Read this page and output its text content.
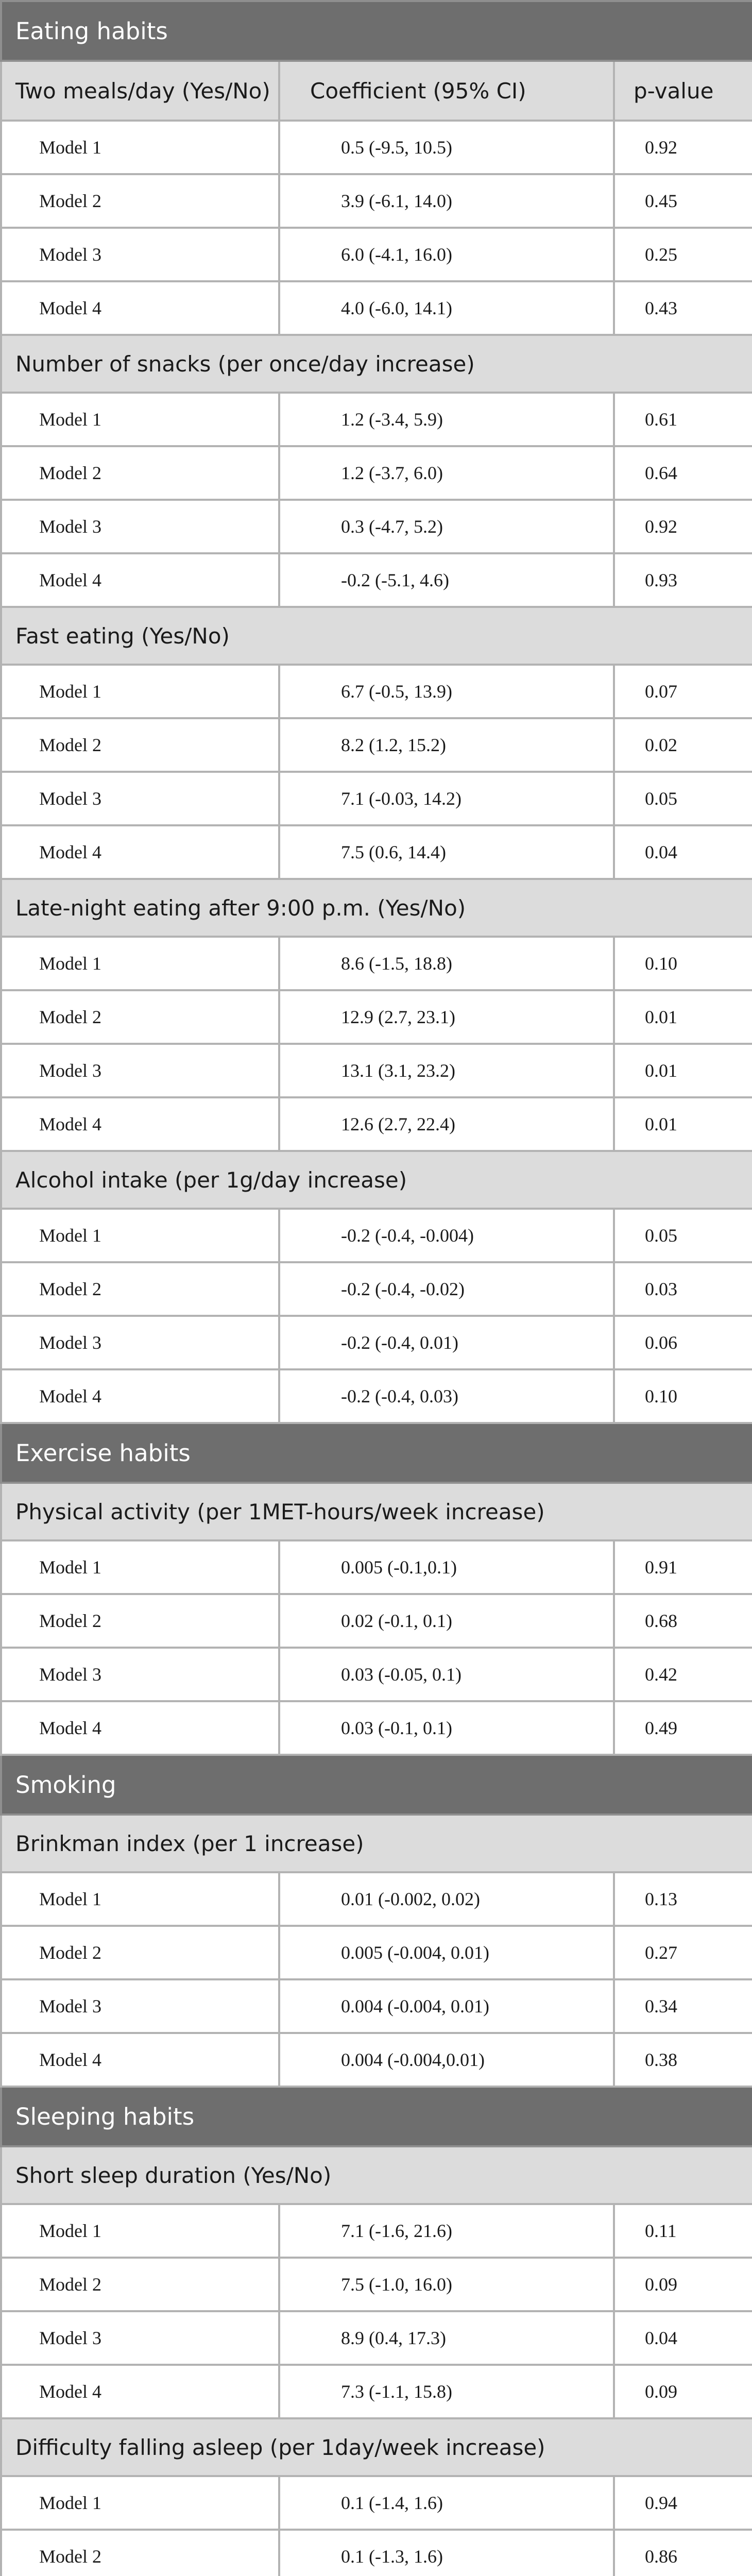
Eating habits		
Two meals/day (Yes/No)	Coefficient (95% CI)	p-value
Model 1	0.5 (-9.5, 10.5)	0.92
Model 2	3.9 (-6.1, 14.0)	0.45
Model 3	6.0 (-4.1, 16.0)	0.25
Model 4	4.0 (-6.0, 14.1)	0.43
Number of snacks (per once/day increase)		
Model 1	1.2 (-3.4, 5.9)	0.61
Model 2	1.2 (-3.7, 6.0)	0.64
Model 3	0.3 (-4.7, 5.2)	0.92
Model 4	-0.2 (-5.1, 4.6)	0.93
Fast eating (Yes/No)		
Model 1	6.7 (-0.5, 13.9)	0.07
Model 2	8.2 (1.2, 15.2)	0.02
Model 3	7.1 (-0.03, 14.2)	0.05
Model 4	7.5 (0.6, 14.4)	0.04
Late-night eating after 9:00 p.m. (Yes/No)		
Model 1	8.6 (-1.5, 18.8)	0.10
Model 2	12.9 (2.7, 23.1)	0.01
Model 3	13.1 (3.1, 23.2)	0.01
Model 4	12.6 (2.7, 22.4)	0.01
Alcohol intake (per 1g/day increase)		
Model 1	-0.2 (-0.4, -0.004)	0.05
Model 2	-0.2 (-0.4, -0.02)	0.03
Model 3	-0.2 (-0.4, 0.01)	0.06
Model 4	-0.2 (-0.4, 0.03)	0.10
Exercise habits		
Physical activity (per 1MET-hours/week increase)		
Model 1	0.005 (-0.1,0.1)	0.91
Model 2	0.02 (-0.1, 0.1)	0.68
Model 3	0.03 (-0.05, 0.1)	0.42
Model 4	0.03 (-0.1, 0.1)	0.49
Smoking		
Brinkman index (per 1 increase)		
Model 1	0.01 (-0.002, 0.02)	0.13
Model 2	0.005 (-0.004, 0.01)	0.27
Model 3	0.004 (-0.004, 0.01)	0.34
Model 4	0.004 (-0.004,0.01)	0.38
Sleeping habits		
Short sleep duration (Yes/No)		
Model 1	7.1 (-1.6, 21.6)	0.11
Model 2	7.5 (-1.0, 16.0)	0.09
Model 3	8.9 (0.4, 17.3)	0.04
Model 4	7.3 (-1.1, 15.8)	0.09
Difficulty falling asleep (per 1day/week increase)		
Model 1	0.1 (-1.4, 1.6)	0.94
Model 2	0.1 (-1.3, 1.6)	0.86
